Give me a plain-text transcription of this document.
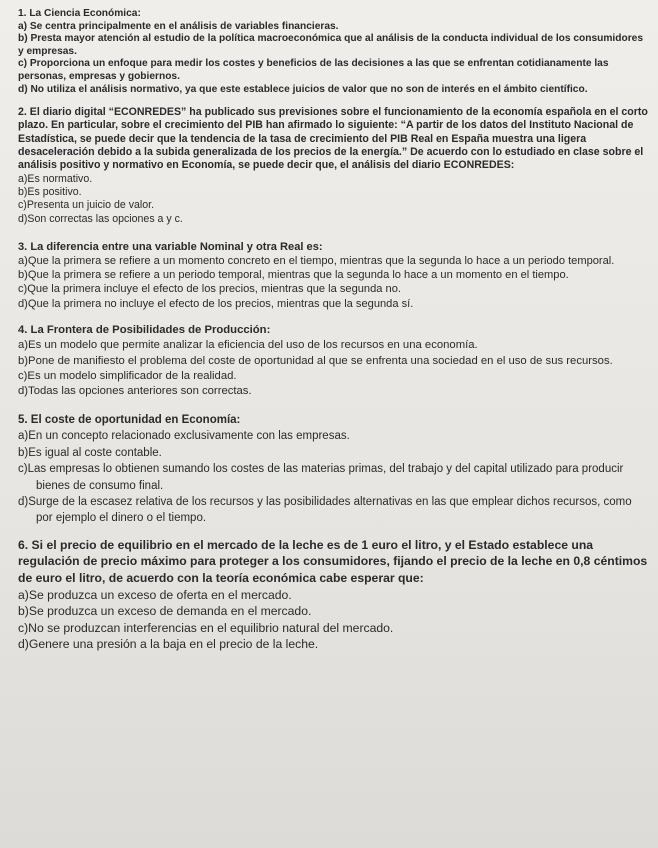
1. La Ciencia Económica:
a) Se centra principalmente en el análisis de variables financieras.
b) Presta mayor atención al estudio de la política macroeconómica que al análisis de la conducta individual de los consumidores y empresas.
c) Proporciona un enfoque para medir los costes y beneficios de las decisiones a las que se enfrentan cotidianamente las personas, empresas y gobiernos.
d) No utiliza el análisis normativo, ya que este establece juicios de valor que no son de interés en el ámbito científico.
2. El diario digital “ECONREDES” ha publicado sus previsiones sobre el funcionamiento de la economía española en el corto plazo. En particular, sobre el crecimiento del PIB han afirmado lo siguiente: “A partir de los datos del Instituto Nacional de Estadística, se puede decir que la tendencia de la tasa de crecimiento del PIB Real en España muestra una ligera desaceleración debido a la subida generalizada de los precios de la energía.” De acuerdo con lo estudiado en clase sobre el análisis positivo y normativo en Economía, se puede decir que, el análisis del diario ECONREDES:
a)Es normativo.
b)Es positivo.
c)Presenta un juicio de valor.
d)Son correctas las opciones a y c.
3. La diferencia entre una variable Nominal y otra Real es:
a)Que la primera se refiere a un momento concreto en el tiempo, mientras que la segunda lo hace a un periodo temporal.
b)Que la primera se refiere a un periodo temporal, mientras que la segunda lo hace a un momento en el tiempo.
c)Que la primera incluye el efecto de los precios, mientras que la segunda no.
d)Que la primera no incluye el efecto de los precios, mientras que la segunda sí.
4. La Frontera de Posibilidades de Producción:
a)Es un modelo que permite analizar la eficiencia del uso de los recursos en una economía.
b)Pone de manifiesto el problema del coste de oportunidad al que se enfrenta una sociedad en el uso de sus recursos.
c)Es un modelo simplificador de la realidad.
d)Todas las opciones anteriores son correctas.
5. El coste de oportunidad en Economía:
a)En un concepto relacionado exclusivamente con las empresas.
b)Es igual al coste contable.
c)Las empresas lo obtienen sumando los costes de las materias primas, del trabajo y del capital utilizado para producir bienes de consumo final.
d)Surge de la escasez relativa de los recursos y las posibilidades alternativas en las que emplear dichos recursos, como por ejemplo el dinero o el tiempo.
6. Si el precio de equilibrio en el mercado de la leche es de 1 euro el litro, y el Estado establece una regulación de precio máximo para proteger a los consumidores, fijando el precio de la leche en 0,8 céntimos de euro el litro, de acuerdo con la teoría económica cabe esperar que:
a)Se produzca un exceso de oferta en el mercado.
b)Se produzca un exceso de demanda en el mercado.
c)No se produzcan interferencias en el equilibrio natural del mercado.
d)Genere una presión a la baja en el precio de la leche.
